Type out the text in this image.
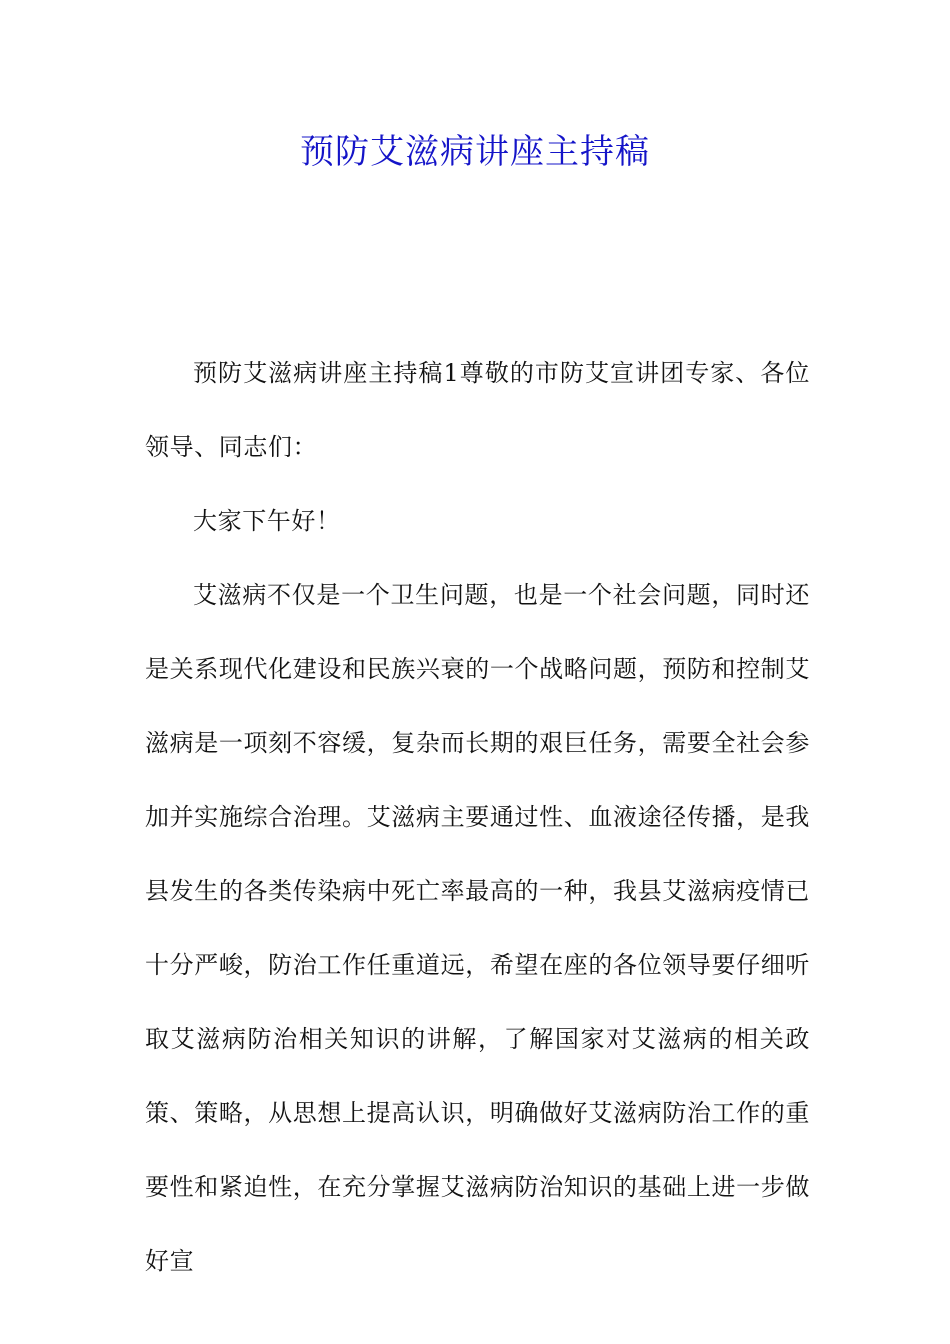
预防艾滋病讲座主持稿

预防艾滋病讲座主持稿1尊敬的市防艾宣讲团专家、各位领导、同志们：

大家下午好！

艾滋病不仅是一个卫生问题，也是一个社会问题，同时还是关系现代化建设和民族兴衰的一个战略问题，预防和控制艾滋病是一项刻不容缓，复杂而长期的艰巨任务，需要全社会参加并实施综合治理。艾滋病主要通过性、血液途径传播，是我县发生的各类传染病中死亡率最高的一种，我县艾滋病疫情已十分严峻，防治工作任重道远，希望在座的各位领导要仔细听取艾滋病防治相关知识的讲解，了解国家对艾滋病的相关政策、策略，从思想上提高认识，明确做好艾滋病防治工作的重要性和紧迫性，在充分掌握艾滋病防治知识的基础上进一步做好宣
